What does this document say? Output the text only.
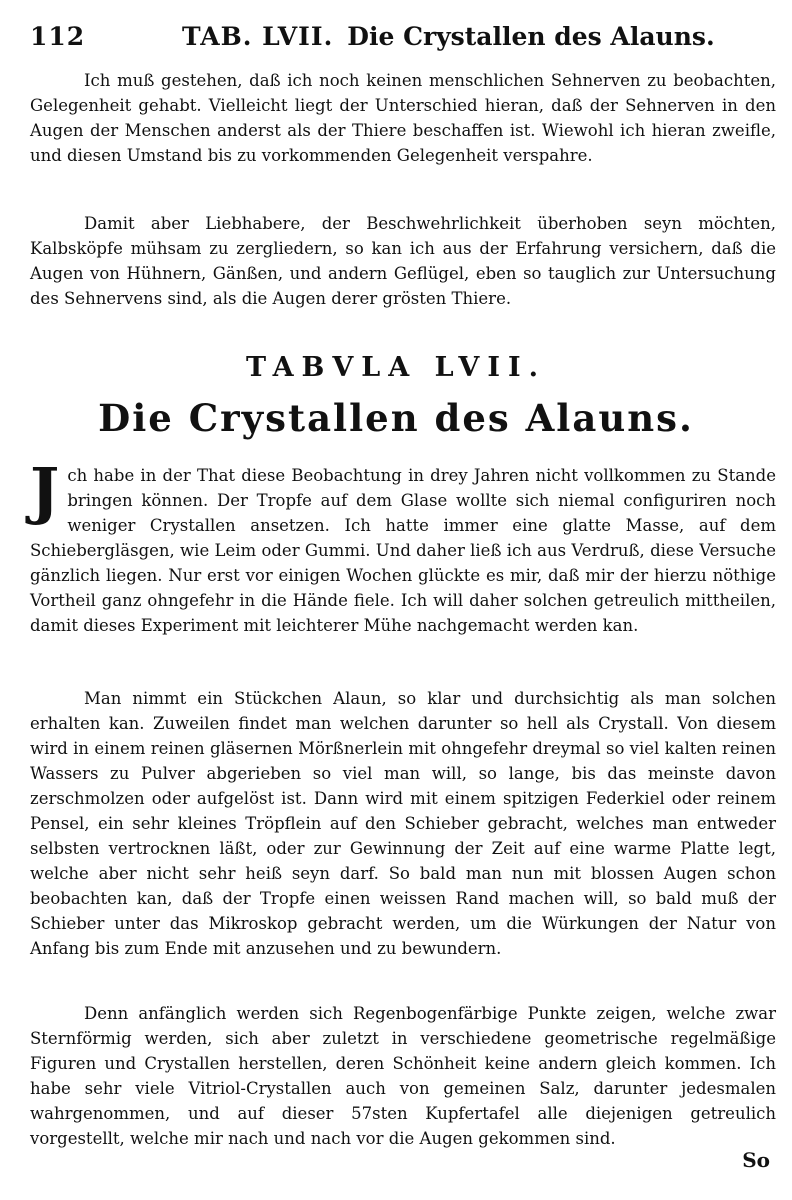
112	TAB. LVII. Die Crystallen des Alauns.

Ich muß gestehen, daß ich noch keinen menschlichen Sehnerven zu beobachten, Gelegenheit gehabt. Vielleicht liegt der Unterschied hieran, daß der Sehnerven in den Augen der Menschen anderst als der Thiere beschaffen ist. Wiewohl ich hieran zweifle, und diesen Umstand bis zu vorkommenden Gelegenheit verspahre.

Damit aber Liebhabere, der Beschwehrlichkeit überhoben seyn möchten, Kalbsköpfe mühsam zu zergliedern, so kan ich aus der Erfahrung versichern, daß die Augen von Hühnern, Gänßen, und andern Geflügel, eben so tauglich zur Untersuchung des Sehnervens sind, als die Augen derer grösten Thiere.

TABVLA LVII.
Die Crystallen des Alauns.

Jch habe in der That diese Beobachtung in drey Jahren nicht vollkommen zu Stande bringen können. Der Tropfe auf dem Glase wollte sich niemal configuriren noch weniger Crystallen ansetzen. Ich hatte immer eine glatte Masse, auf dem Schiebergläsgen, wie Leim oder Gummi. Und daher ließ ich aus Verdruß, diese Versuche gänzlich liegen. Nur erst vor einigen Wochen glückte es mir, daß mir der hierzu nöthige Vortheil ganz ohngefehr in die Hände fiele. Ich will daher solchen getreulich mittheilen, damit dieses Experiment mit leichterer Mühe nachgemacht werden kan.

Man nimmt ein Stückchen Alaun, so klar und durchsichtig als man solchen erhalten kan. Zuweilen findet man welchen darunter so hell als Crystall. Von diesem wird in einem reinen gläsernen Mörßnerlein mit ohngefehr dreymal so viel kalten reinen Wassers zu Pulver abgerieben so viel man will, so lange, bis das meinste davon zerschmolzen oder aufgelöst ist. Dann wird mit einem spitzigen Federkiel oder reinem Pensel, ein sehr kleines Tröpflein auf den Schieber gebracht, welches man entweder selbsten vertrocknen läßt, oder zur Gewinnung der Zeit auf eine warme Platte legt, welche aber nicht sehr heiß seyn darf. So bald man nun mit blossen Augen schon beobachten kan, daß der Tropfe einen weissen Rand machen will, so bald muß der Schieber unter das Mikroskop gebracht werden, um die Würkungen der Natur von Anfang bis zum Ende mit anzusehen und zu bewundern.

Denn anfänglich werden sich Regenbogenfärbige Punkte zeigen, welche zwar Sternförmig werden, sich aber zuletzt in verschiedene geometrische regelmäßige Figuren und Crystallen herstellen, deren Schönheit keine andern gleich kommen. Ich habe sehr viele Vitriol-Crystallen auch von gemeinen Salz, darunter jedesmalen wahrgenommen, und auf dieser 57sten Kupfertafel alle diejenigen getreulich vorgestellt, welche mir nach und nach vor die Augen gekommen sind.

So
